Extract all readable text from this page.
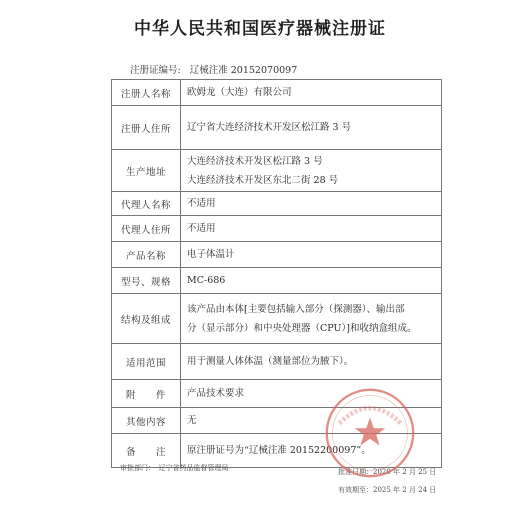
中华人民共和国医疗器械注册证
注册证编号: 辽械注准 20152070097
注册人名称	欧姆龙（大连）有限公司

注册人住所	辽宁省大连经济技术开发区松江路 3 号

生产地址	大连经济技术开发区松江路 3 号
大连经济技术开发区东北二街 28 号

代理人名称	不适用

代理人住所	不适用

产品名称	电子体温计

型号、规格	MC-686

结构及组成	该产品由本体[主要包括输入部分（探测器）、输出部
分（显示部分）和中央处理器（CPU）]和收纳盒组成。

适用范围	用于测量人体体温（测量部位为腋下）。

附　　件	产品技术要求

其他内容	无

备　　注	原注册证号为“辽械注准 20152200097”。
审批部门：　辽宁省药品监督管理局	批准日期：2020 年 2 月 25 日
有效期至：2025 年 2 月 24 日
